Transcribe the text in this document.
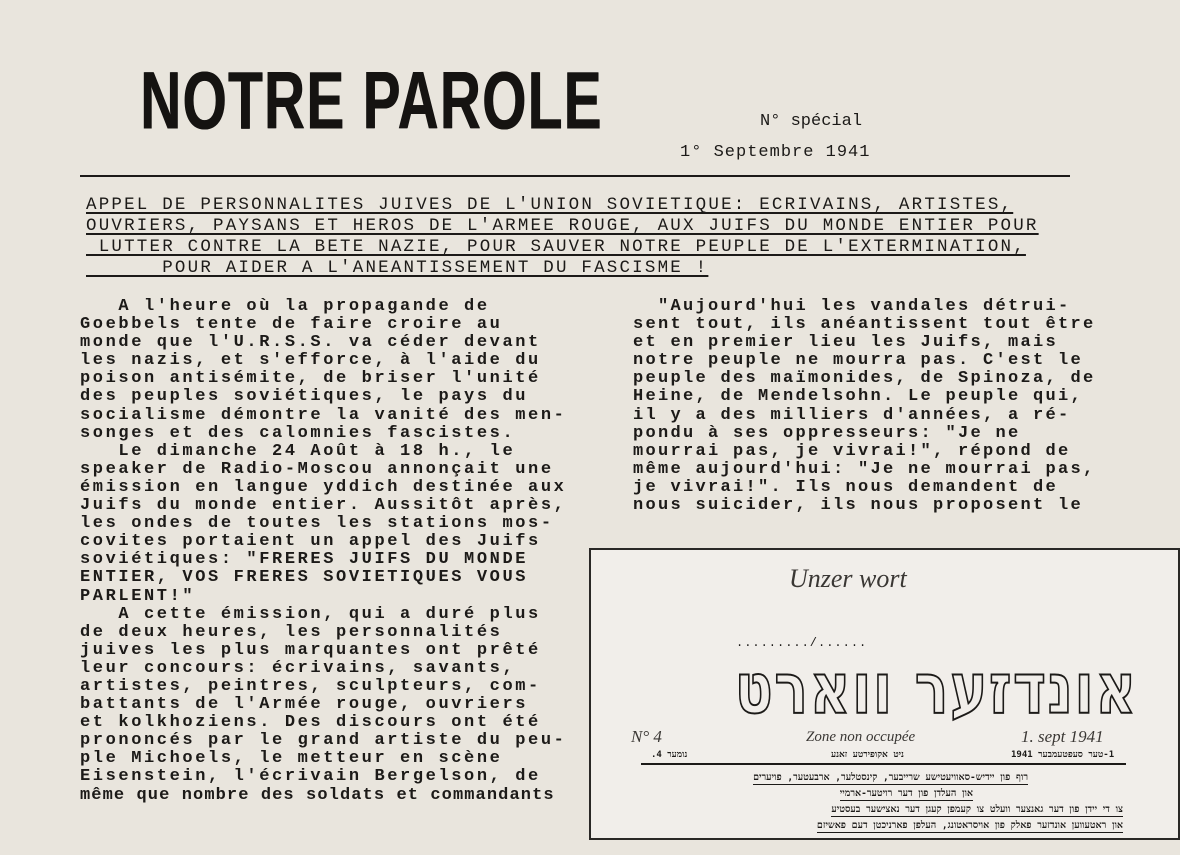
NOTRE PAROLE	N° spécial
1° Septembre 1941
APPEL DE PERSONNALITES JUIVES DE L'UNION SOVIETIQUE: ECRIVAINS, ARTISTES,
OUVRIERS, PAYSANS ET HEROS DE L'ARMEE ROUGE, AUX JUIFS DU MONDE ENTIER POUR
LUTTER CONTRE LA BETE NAZIE, POUR SAUVER NOTRE PEUPLE DE L'EXTERMINATION,
POUR AIDER A L'ANEANTISSEMENT DU FASCISME !
A l'heure où la propagande de
Goebbels tente de faire croire au
monde que l'U.R.S.S. va céder devant
les nazis, et s'efforce, à l'aide du
poison antisémite, de briser l'unité
des peuples soviétiques, le pays du
socialisme démontre la vanité des men-
songes et des calomnies fascistes.
Le dimanche 24 Août à 18 h., le
speaker de Radio-Moscou annonçait une
émission en langue yddich destinée aux
Juifs du monde entier. Aussitôt après,
les ondes de toutes les stations mos-
covites portaient un appel des Juifs
soviétiques: "FRERES JUIFS DU MONDE
ENTIER, VOS FRERES SOVIETIQUES VOUS
PARLENT!"
A cette émission, qui a duré plus
de deux heures, les personnalités
juives les plus marquantes ont prêté
leur concours: écrivains, savants,
artistes, peintres, sculpteurs, com-
battants de l'Armée rouge, ouvriers
et kolkhoziens. Des discours ont été
prononcés par le grand artiste du peu-
ple Michoels, le metteur en scène
Eisenstein, l'écrivain Bergelson, de
même que nombre des soldats et commandants
"Aujourd'hui les vandales détrui-
sent tout, ils anéantissent tout être
et en premier lieu les Juifs, mais
notre peuple ne mourra pas. C'est le
peuple des maïmonides, de Spinoza, de
Heine, de Mendelsohn. Le peuple qui,
il y a des milliers d'années, a ré-
pondu à ses oppresseurs: "Je ne
mourrai pas, je vivrai!", répond de
même aujourd'hui: "Je ne mourrai pas,
je vivrai!". Ils nous demandent de
nous suicider, ils nous proposent le
Unzer wort
........./......
אונדזער ווארט
N° 4	Zone non occupée	1. sept 1941
נומער 4.	ניט אקופירטע זאנע	1-טער סעפטעמבער 1941
רוף פון יידיש-סאוויעטישע שרייבער, קינסטלער, ארבעטער, פויערים
און העלדן פון דער רויטער-ארמיי
צו די יידן פון דער גאנצער וועלט צו קעמפן קעגן דער נאצישער בעסטיע
און ראטעווען אונדזער פאלק פון אויסראטונג, העלפן פארניכטן דעם פאשיזם
